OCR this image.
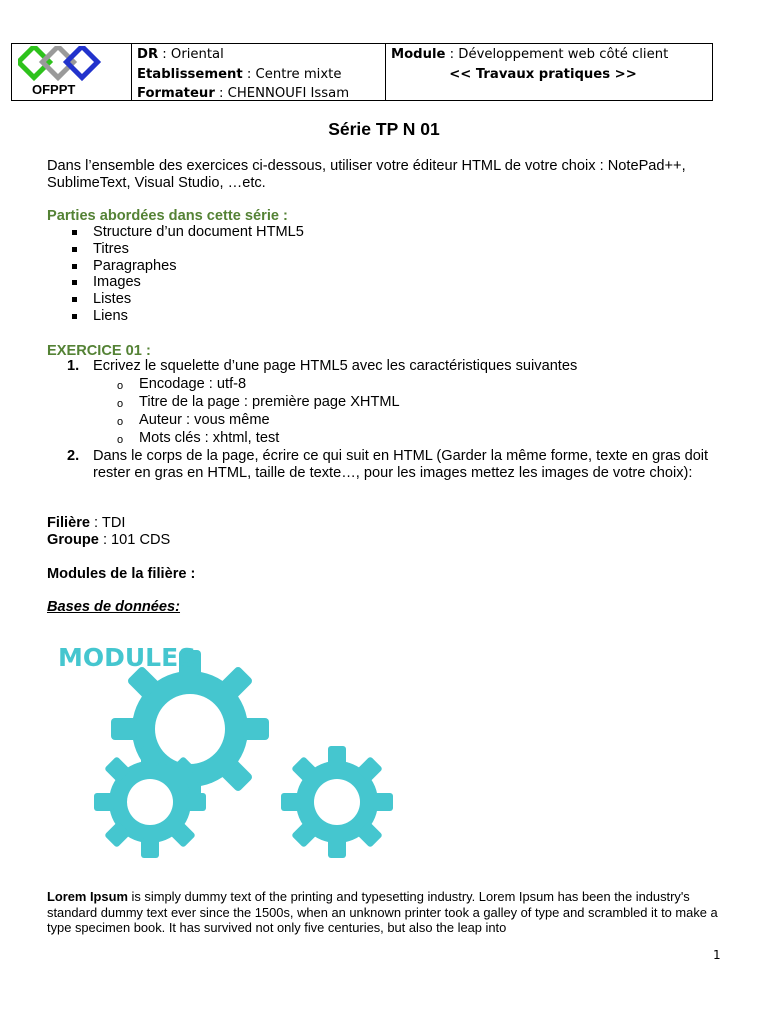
OFPPT
DR : Oriental
Etablissement : Centre mixte
Formateur : CHENNOUFI Issam
Module : Développement web côté client
<< Travaux pratiques >>
Série TP N 01
Dans l’ensemble des exercices ci-dessous, utiliser votre éditeur HTML de votre choix : NotePad++, SublimeText, Visual Studio, …etc.
Parties abordées dans cette série :
Structure d’un document HTML5
Titres
Paragraphes
Images
Listes
Liens
EXERCICE 01 :
1. Ecrivez le squelette d’une page HTML5 avec les caractéristiques suivantes
o Encodage : utf-8
o Titre de la page : première page XHTML
o Auteur : vous même
o Mots clés : xhtml, test
2. Dans le corps de la page, écrire ce qui suit en HTML (Garder la même forme, texte en gras doit rester en gras en HTML, taille de texte…, pour les images mettez les images de votre choix):
Filière : TDI
Groupe : 101 CDS
Modules de la filière :
Bases de données:
MODULES
Lorem Ipsum is simply dummy text of the printing and typesetting industry. Lorem Ipsum has been the industry's standard dummy text ever since the 1500s, when an unknown printer took a galley of type and scrambled it to make a type specimen book. It has survived not only five centuries, but also the leap into
1
